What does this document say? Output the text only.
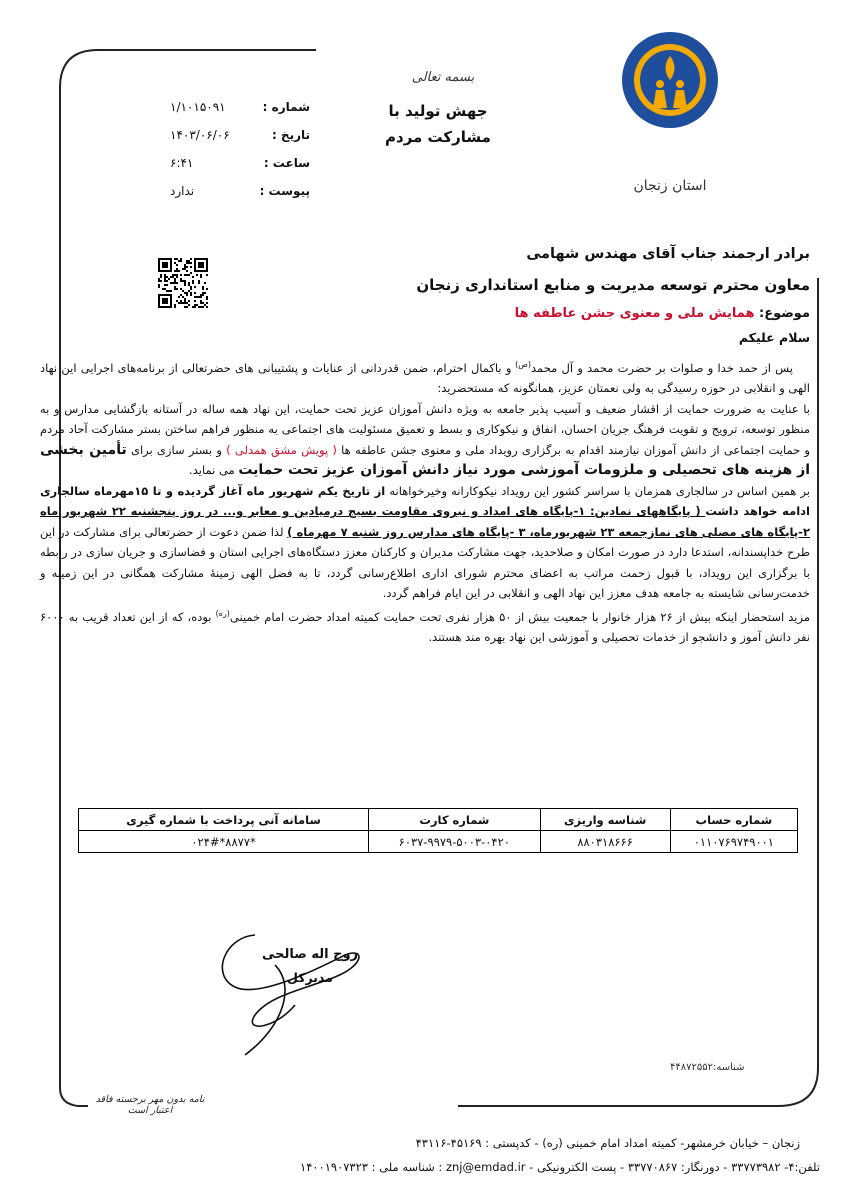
استان زنجان
بسمه تعالی
جهش تولید با مشارکت مردم
شماره :
۱/۱۰۱۵۰۹۱
تاریخ :
۱۴۰۳/۰۶/۰۶
ساعت :
۶:۴۱
پیوست :
ندارد
برادر ارجمند جناب آقای مهندس شهامی
معاون محترم توسعه مدیریت و منابع استانداری زنجان
موضوع: همایش ملی و معنوی جشن عاطفه ها
سلام علیکم

پس از حمد خدا و صلوات بر حضرت محمد و آل محمد$^{(ص)}$ و باکمال احترام، ضمن قدردانی از عنایات و پشتیبانی های حضرتعالی از برنامه‌های اجرایی این نهاد الهی و انقلابی در حوزه رسیدگی به ولی نعمتان عزیز، همانگونه که مستحضرید:

با عنایت به ضرورت حمایت از اقشار ضعیف و آسیب پذیر جامعه به ویژه دانش آموزان عزیز تحت حمایت، این نهاد همه ساله در آستانه بازگشایی مدارس و به منظور توسعه، ترویج و تقویت فرهنگ جریان احسان، انفاق و نیکوکاری و بسط و تعمیق مسئولیت های اجتماعی به منظور فراهم ساختن بستر مشارکت آحاد مردم و حمایت اجتماعی از دانش آموزان نیازمند اقدام به برگزاری رویداد ملی و معنوی جشن عاطفه ها ( پویش مشق همدلی ) و بستر سازی برای تأمین بخشی از هزینه های تحصیلی و ملزومات آموزشی مورد نیاز دانش آموزان عزیز تحت حمایت می نماید.

بر همین اساس در سالجاری همزمان با سراسر کشور این رویداد نیکوکارانه وخیرخواهانه از تاریخ یکم شهریور ماه آغاز گردیده و تا ۱۵مهرماه سالجاری ادامه خواهد داشت ( پایگاههای نمادین: ۱-پایگاه های امداد و نیروی مقاومت بسیج درمیادین و معابر و... در روز پنجشنبه ۲۲ شهریور ماه ۲-پایگاه های مصلی های نمازجمعه ۲۳ شهریورماه، ۳ -پایگاه های مدارس روز شنبه ۷ مهرماه ) لذا ضمن دعوت از حضرتعالی برای مشارکت در این طرح خداپسندانه، استدعا دارد در صورت امکان و صلاحدید، جهت مشارکت مدیران و کارکنان معزز دستگاه‌های اجرایی استان و فضاسازی و جریان سازی در رابطه با برگزاری این رویداد، با قبول زحمت مراتب به اعضای محترم شورای اداری اطلاع‌رسانی گردد، تا به فضل الهی زمینهٔ مشارکت همگانی در این زمینه و خدمت‌رسانی شایسته به جامعه هدف معزز این نهاد الهی و انقلابی در این ایام فراهم گردد.

مزید استحضار اینکه بیش از ۲۶ هزار خانوار با جمعیت بیش از ۵۰ هزار نفری تحت حمایت کمیته امداد حضرت امام خمینی$^{(ره)}$ بوده، که از این تعداد قریب به ۶۰۰۰ نفر دانش آموز و دانشجو از خدمات تحصیلی و آموزشی این نهاد بهره مند هستند.

شماره حساب	شناسه واریزی	شماره کارت	سامانه آنی پرداخت با شماره گیری
۰۱۱۰۷۶۹۷۴۹۰۰۱	۸۸۰۳۱۸۶۶۶	۶۰۳۷-۹۹۷۹-۵۰۰۳-۰۴۲۰	*۸۸۷۷*۰۲۴#
روح اله صالحی
مدیرکل
شناسه:۴۴۸۷۲۵۵۲
نامه بدون مهر برجسته فاقد اعتبار است
زنجان – خیابان خرمشهر- کمیته امداد امام خمینی (ره) - کدپستی : ۴۵۱۶۹-۴۳۱۱۶
تلفن:۴- ۳۳۷۷۳۹۸۲ - دورنگار: ۳۳۷۷۰۸۶۷ - پست الکترونیکی - znj@emdad.ir : شناسه ملی : ۱۴۰۰۱۹۰۷۳۲۳
